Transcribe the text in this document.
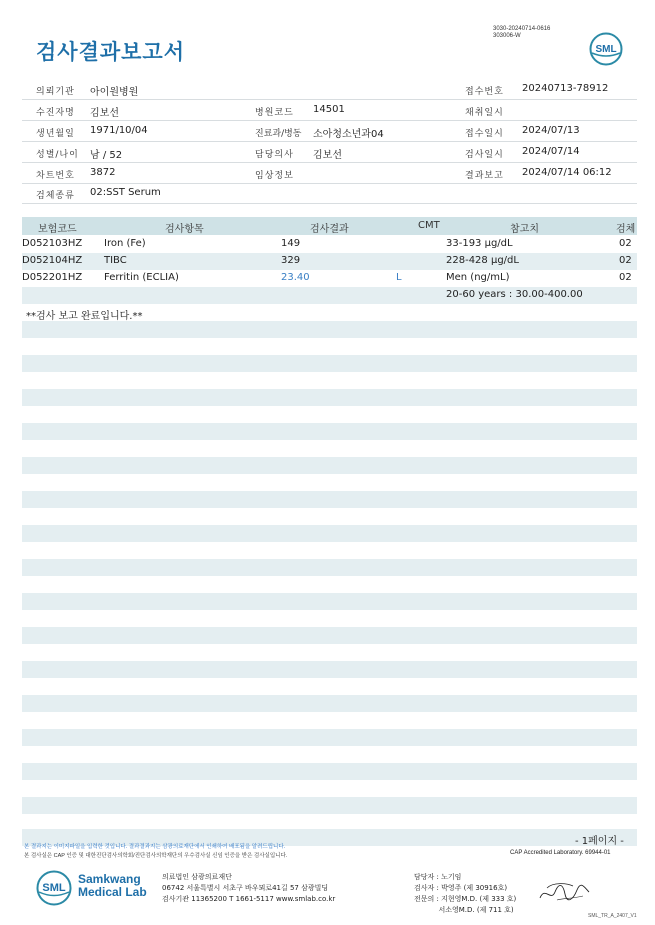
검사결과보고서
3030-20240714-0616
303006-W
SML
의뢰기관 아이원병원	접수번호 20240713-78912
수진자명 김보선	병원코드 14501	채취일시
생년월일 1971/10/04	진료과/병동 소아청소년과04	접수일시 2024/07/13
성별/나이 남 / 52	담당의사 김보선	검사일시 2024/07/14
차트번호 3872	임상정보	결과보고 2024/07/14 06:12
검체종류 02:SST Serum
보험코드	검사항목	검사결과	CMT	참고치	검체
D052103HZ Iron (Fe)	149	33-193 µg/dL	02
D052104HZ TIBC	329	228-428 µg/dL	02
D052201HZ Ferritin (ECLIA)	23.40	L	Men (ng/mL)	02
20-60 years : 30.00-400.00
**검사 보고 완료입니다.**
- 1페이지 -
본 결과지는 이미지파일을 입력한 것입니다. 결과결과지는 삼광의료재단에서 인쇄하여 배포됨을 알려드립니다.
본 검사실은 CAP 인증 및 대한진단검사의학회/진단검사의학재단의 우수검사실 신임 인증을 받은 검사실입니다.	CAP Accredited Laboratory. 69944-01
SML
Samkwang
Medical Lab
의료법인 삼광의료재단
06742 서울특별시 서초구 바우뫼로41길 57 삼광빌딩
검사기관 11365200 T 1661-5117 www.smlab.co.kr
담당자 : 노기임
검사자 : 박영주 (제 30916호)
전문의 : 지현영M.D. (제 333 호)
서소영M.D. (제 711 호)
SML_TR_A_2407_V1
